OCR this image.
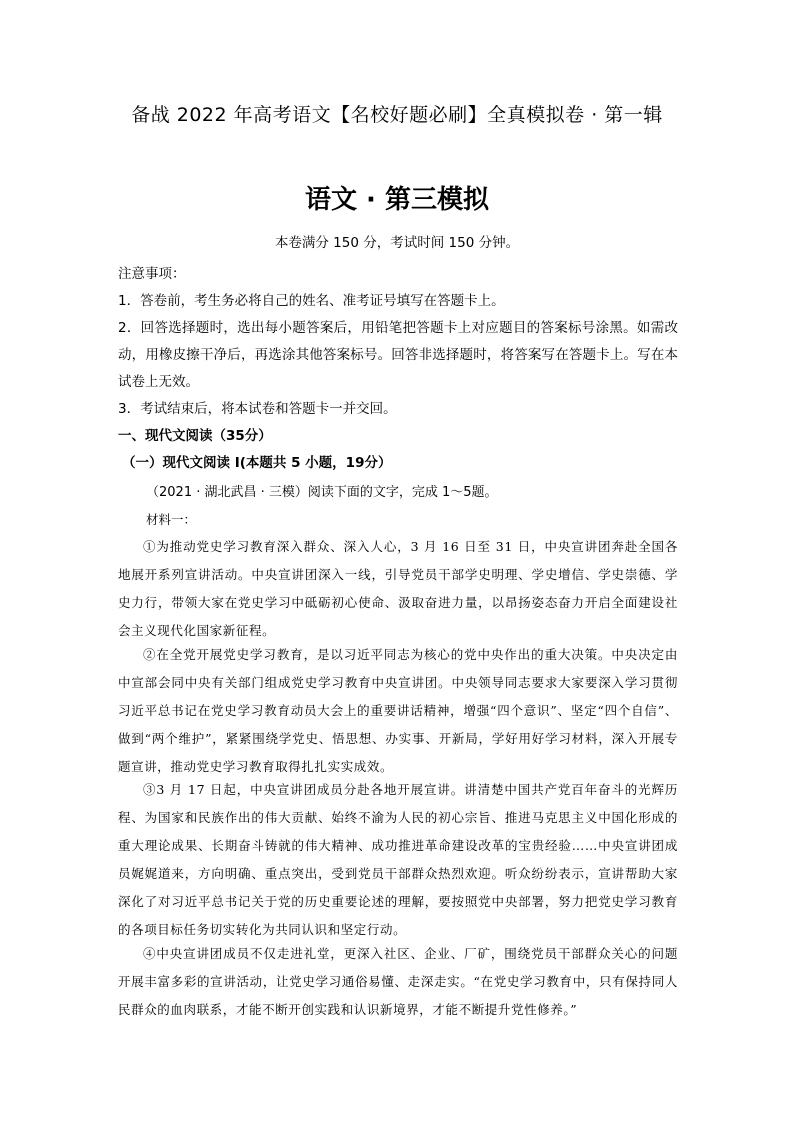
备战 2022 年高考语文【名校好题必刷】全真模拟卷 · 第一辑
语文 · 第三模拟
本卷满分 150 分，考试时间 150 分钟。
注意事项：
1．答卷前，考生务必将自己的姓名、准考证号填写在答题卡上。
2．回答选择题时，选出每小题答案后，用铅笔把答题卡上对应题目的答案标号涂黑。如需改动，用橡皮擦干净后，再选涂其他答案标号。回答非选择题时，将答案写在答题卡上。写在本试卷上无效。
3．考试结束后，将本试卷和答题卡一并交回。
一、现代文阅读（35分）
（一）现代文阅读 I(本题共 5 小题，19分）
（2021 · 湖北武昌 · 三模）阅读下面的文字，完成 1～5题。
材料一：
①为推动党史学习教育深入群众、深入人心，3 月 16 日至 31 日，中央宣讲团奔赴全国各地展开系列宣讲活动。中央宣讲团深入一线，引导党员干部学史明理、学史增信、学史崇德、学史力行，带领大家在党史学习中砥砺初心使命、汲取奋进力量，以昂扬姿态奋力开启全面建设社会主义现代化国家新征程。
②在全党开展党史学习教育，是以习近平同志为核心的党中央作出的重大决策。中央决定由中宣部会同中央有关部门组成党史学习教育中央宣讲团。中央领导同志要求大家要深入学习贯彻习近平总书记在党史学习教育动员大会上的重要讲话精神，增强“四个意识”、坚定“四个自信”、做到“两个维护”，紧紧围绕学党史、悟思想、办实事、开新局，学好用好学习材料，深入开展专题宣讲，推动党史学习教育取得扎扎实实成效。
③3 月 17 日起，中央宣讲团成员分赴各地开展宣讲。讲清楚中国共产党百年奋斗的光辉历程、为国家和民族作出的伟大贡献、始终不渝为人民的初心宗旨、推进马克思主义中国化形成的重大理论成果、长期奋斗铸就的伟大精神、成功推进革命建设改革的宝贵经验……中央宣讲团成员娓娓道来，方向明确、重点突出，受到党员干部群众热烈欢迎。听众纷纷表示，宣讲帮助大家深化了对习近平总书记关于党的历史重要论述的理解，要按照党中央部署，努力把党史学习教育的各项目标任务切实转化为共同认识和坚定行动。
④中央宣讲团成员不仅走进礼堂，更深入社区、企业、厂矿，围绕党员干部群众关心的问题开展丰富多彩的宣讲活动，让党史学习通俗易懂、走深走实。“在党史学习教育中，只有保持同人民群众的血肉联系，才能不断开创实践和认识新境界，才能不断提升党性修养。”
